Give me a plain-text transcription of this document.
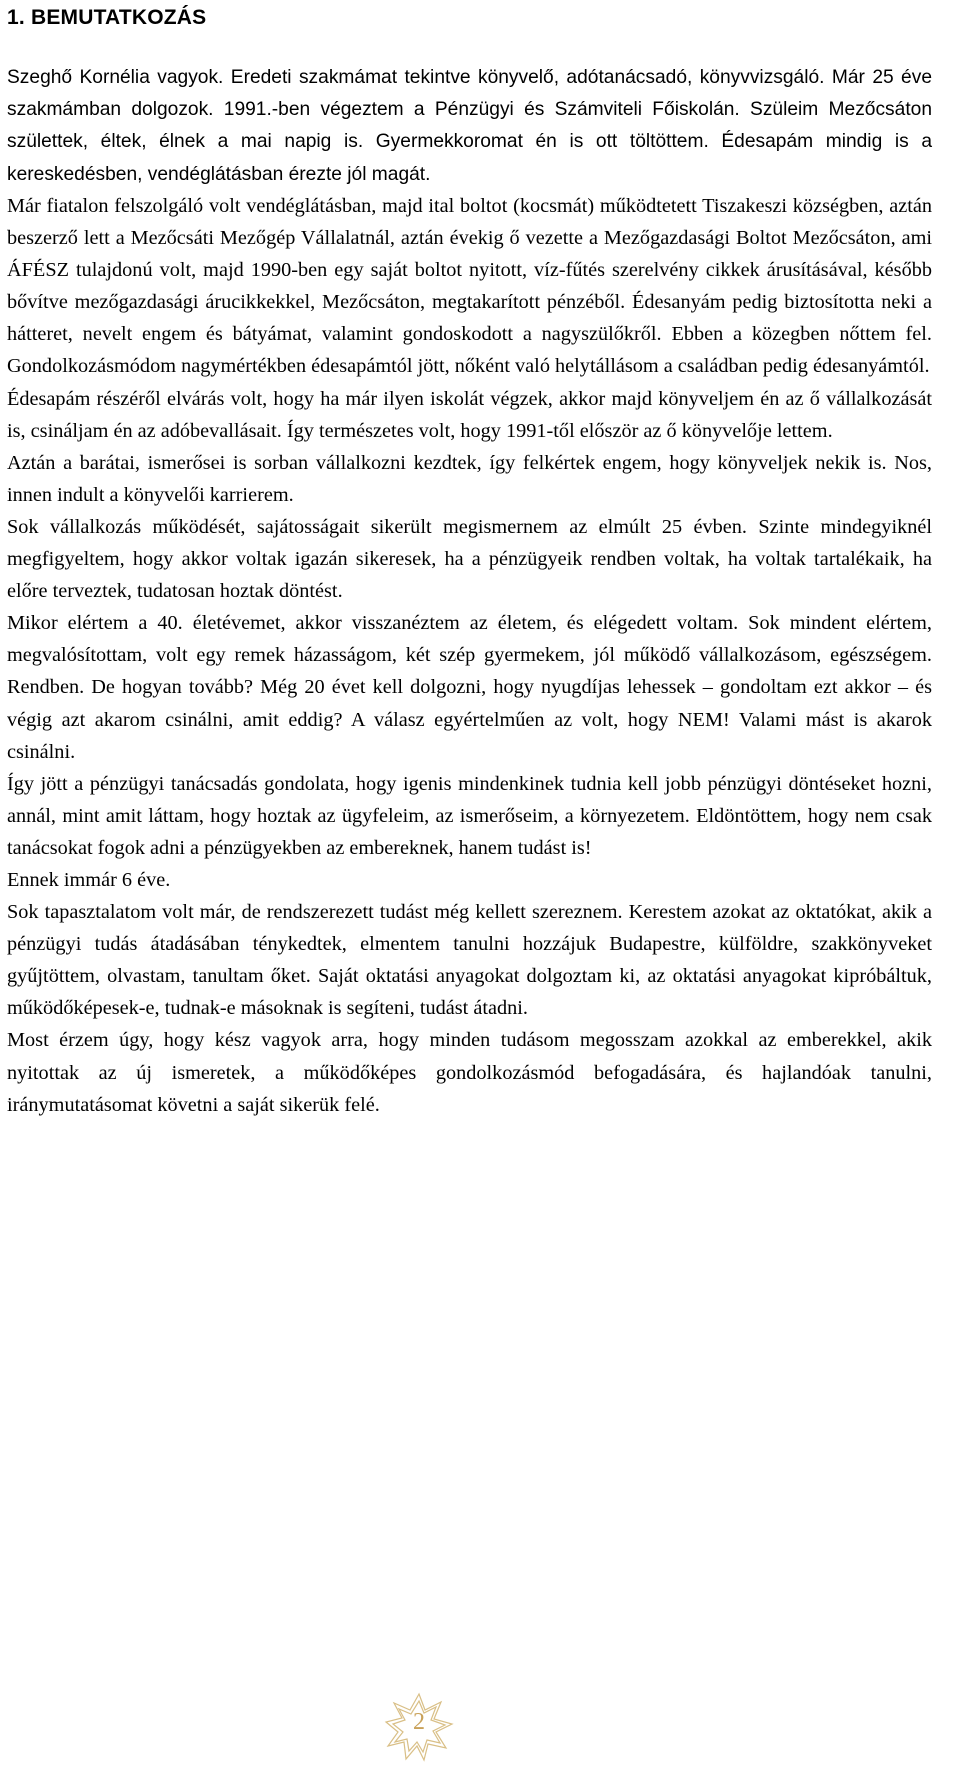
1. BEMUTATKOZÁS

Szeghő Kornélia vagyok. Eredeti szakmámat tekintve könyvelő, adótanácsadó, könyvvizsgáló. Már 25 éve szakmámban dolgozok. 1991.-ben végeztem a Pénzügyi és Számviteli Főiskolán. Szüleim Mezőcsáton születtek, éltek, élnek a mai napig is. Gyermekkoromat én is ott töltöttem. Édesapám mindig is a kereskedésben, vendéglátásban érezte jól magát.

Már fiatalon felszolgáló volt vendéglátásban, majd ital boltot (kocsmát) működtetett Tiszakeszi községben, aztán beszerző lett a Mezőcsáti Mezőgép Vállalatnál, aztán évekig ő vezette a Mezőgazdasági Boltot Mezőcsáton, ami ÁFÉSZ tulajdonú volt, majd 1990-ben egy saját boltot nyitott, víz-fűtés szerelvény cikkek árusításával, később bővítve mezőgazdasági árucikkekkel, Mezőcsáton, megtakarított pénzéből. Édesanyám pedig biztosította neki a hátteret, nevelt engem és bátyámat, valamint gondoskodott a nagyszülőkről. Ebben a közegben nőttem fel. Gondolkozásmódom nagymértékben édesapámtól jött, nőként való helytállásom a családban pedig édesanyámtól.

Édesapám részéről elvárás volt, hogy ha már ilyen iskolát végzek, akkor majd könyveljem én az ő vállalkozását is, csináljam én az adóbevallásait. Így természetes volt, hogy 1991-től először az ő könyvelője lettem.

Aztán a barátai, ismerősei is sorban vállalkozni kezdtek, így felkértek engem, hogy könyveljek nekik is. Nos, innen indult a könyvelői karrierem.

Sok vállalkozás működését, sajátosságait sikerült megismernem az elmúlt 25 évben. Szinte mindegyiknél megfigyeltem, hogy akkor voltak igazán sikeresek, ha a pénzügyeik rendben voltak, ha voltak tartalékaik, ha előre terveztek, tudatosan hoztak döntést.

Mikor elértem a 40. életévemet, akkor visszanéztem az életem, és elégedett voltam. Sok mindent elértem, megvalósítottam, volt egy remek házasságom, két szép gyermekem, jól működő vállalkozásom, egészségem. Rendben. De hogyan tovább? Még 20 évet kell dolgozni, hogy nyugdíjas lehessek – gondoltam ezt akkor – és végig azt akarom csinálni, amit eddig? A válasz egyértelműen az volt, hogy NEM! Valami mást is akarok csinálni.

Így jött a pénzügyi tanácsadás gondolata, hogy igenis mindenkinek tudnia kell jobb pénzügyi döntéseket hozni, annál, mint amit láttam, hogy hoztak az ügyfeleim, az ismerőseim, a környezetem. Eldöntöttem, hogy nem csak tanácsokat fogok adni a pénzügyekben az embereknek, hanem tudást is!

Ennek immár 6 éve.

Sok tapasztalatom volt már, de rendszerezett tudást még kellett szereznem. Kerestem azokat az oktatókat, akik a pénzügyi tudás átadásában ténykedtek, elmentem tanulni hozzájuk Budapestre, külföldre, szakkönyveket gyűjtöttem, olvastam, tanultam őket. Saját oktatási anyagokat dolgoztam ki, az oktatási anyagokat kipróbáltuk, működőképesek-e, tudnak-e másoknak is segíteni, tudást átadni.

Most érzem úgy, hogy kész vagyok arra, hogy minden tudásom megosszam azokkal az emberekkel, akik nyitottak az új ismeretek, a működőképes gondolkozásmód befogadására, és hajlandóak tanulni, iránymutatásomat követni a saját sikerük felé.

2
